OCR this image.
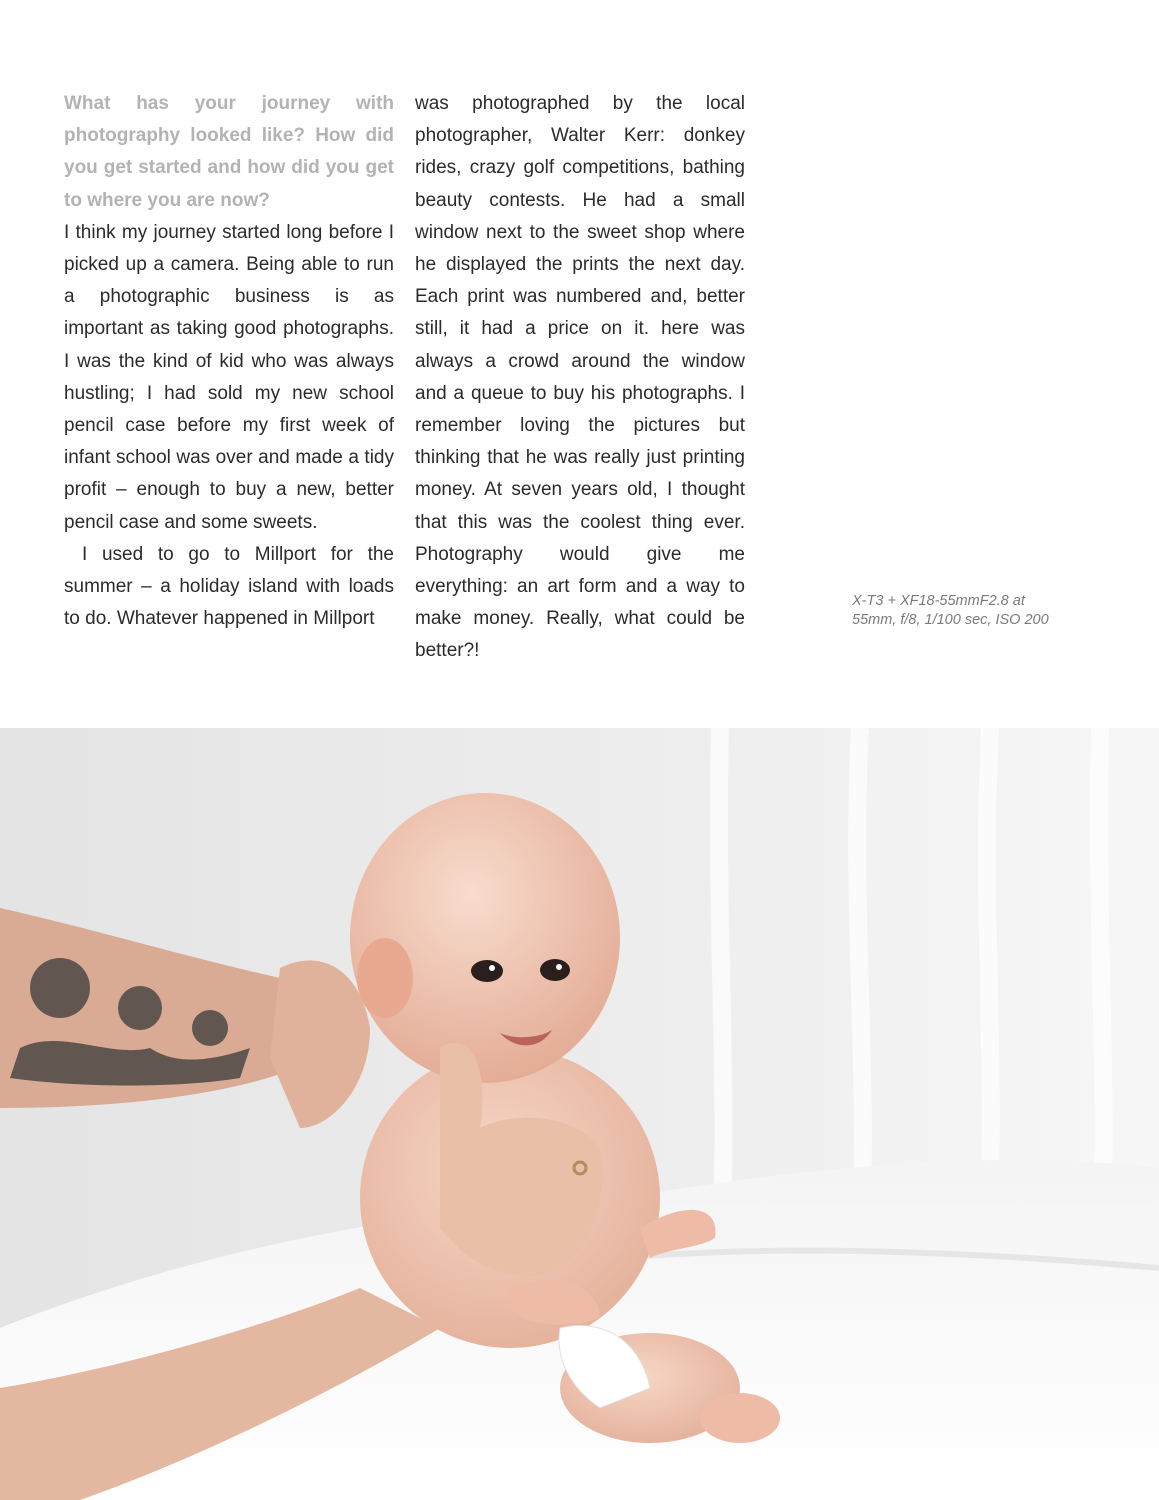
What has your journey with photography looked like? How did you get started and how did you get to where you are now?

I think my journey started long before I picked up a camera. Being able to run a photographic business is as important as taking good photographs. I was the kind of kid who was always hustling; I had sold my new school pencil case before my first week of infant school was over and made a tidy profit – enough to buy a new, better pencil case and some sweets.

I used to go to Millport for the summer – a holiday island with loads to do. Whatever happened in Millport

was photographed by the local photographer, Walter Kerr: donkey rides, crazy golf competitions, bathing beauty contests. He had a small window next to the sweet shop where he displayed the prints the next day. Each print was numbered and, better still, it had a price on it. here was always a crowd around the window and a queue to buy his photographs. I remember loving the pictures but thinking that he was really just printing money. At seven years old, I thought that this was the coolest thing ever. Photography would give me everything: an art form and a way to make money. Really, what could be better?!

X-T3 + XF18-55mmF2.8 at
55mm, f/8, 1/100 sec, ISO 200
